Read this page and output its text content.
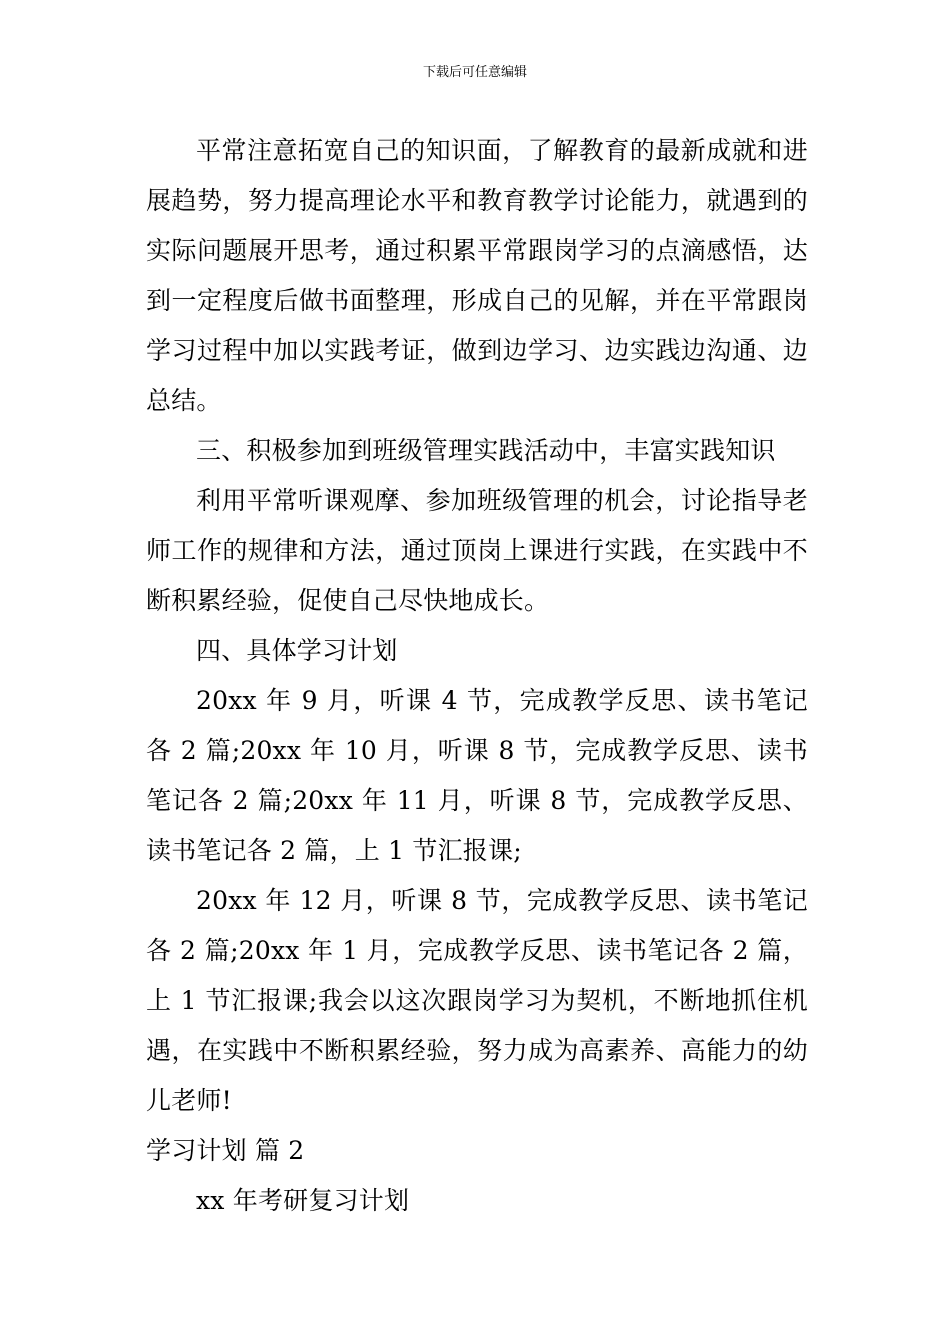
下载后可任意编辑

平常注意拓宽自己的知识面，了解教育的最新成就和进展趋势，努力提高理论水平和教育教学讨论能力，就遇到的实际问题展开思考，通过积累平常跟岗学习的点滴感悟，达到一定程度后做书面整理，形成自己的见解，并在平常跟岗学习过程中加以实践考证，做到边学习、边实践边沟通、边总结。

三、积极参加到班级管理实践活动中，丰富实践知识

利用平常听课观摩、参加班级管理的机会，讨论指导老师工作的规律和方法，通过顶岗上课进行实践，在实践中不断积累经验，促使自己尽快地成长。

四、具体学习计划

20xx 年 9 月，听课 4 节，完成教学反思、读书笔记各 2 篇;20xx 年 10 月，听课 8 节，完成教学反思、读书笔记各 2 篇;20xx 年 11 月，听课 8 节，完成教学反思、读书笔记各 2 篇，上 1 节汇报课;

20xx 年 12 月，听课 8 节，完成教学反思、读书笔记各 2 篇;20xx 年 1 月，完成教学反思、读书笔记各 2 篇，上 1 节汇报课;我会以这次跟岗学习为契机，不断地抓住机遇，在实践中不断积累经验，努力成为高素养、高能力的幼儿老师!

学习计划 篇 2

xx 年考研复习计划
